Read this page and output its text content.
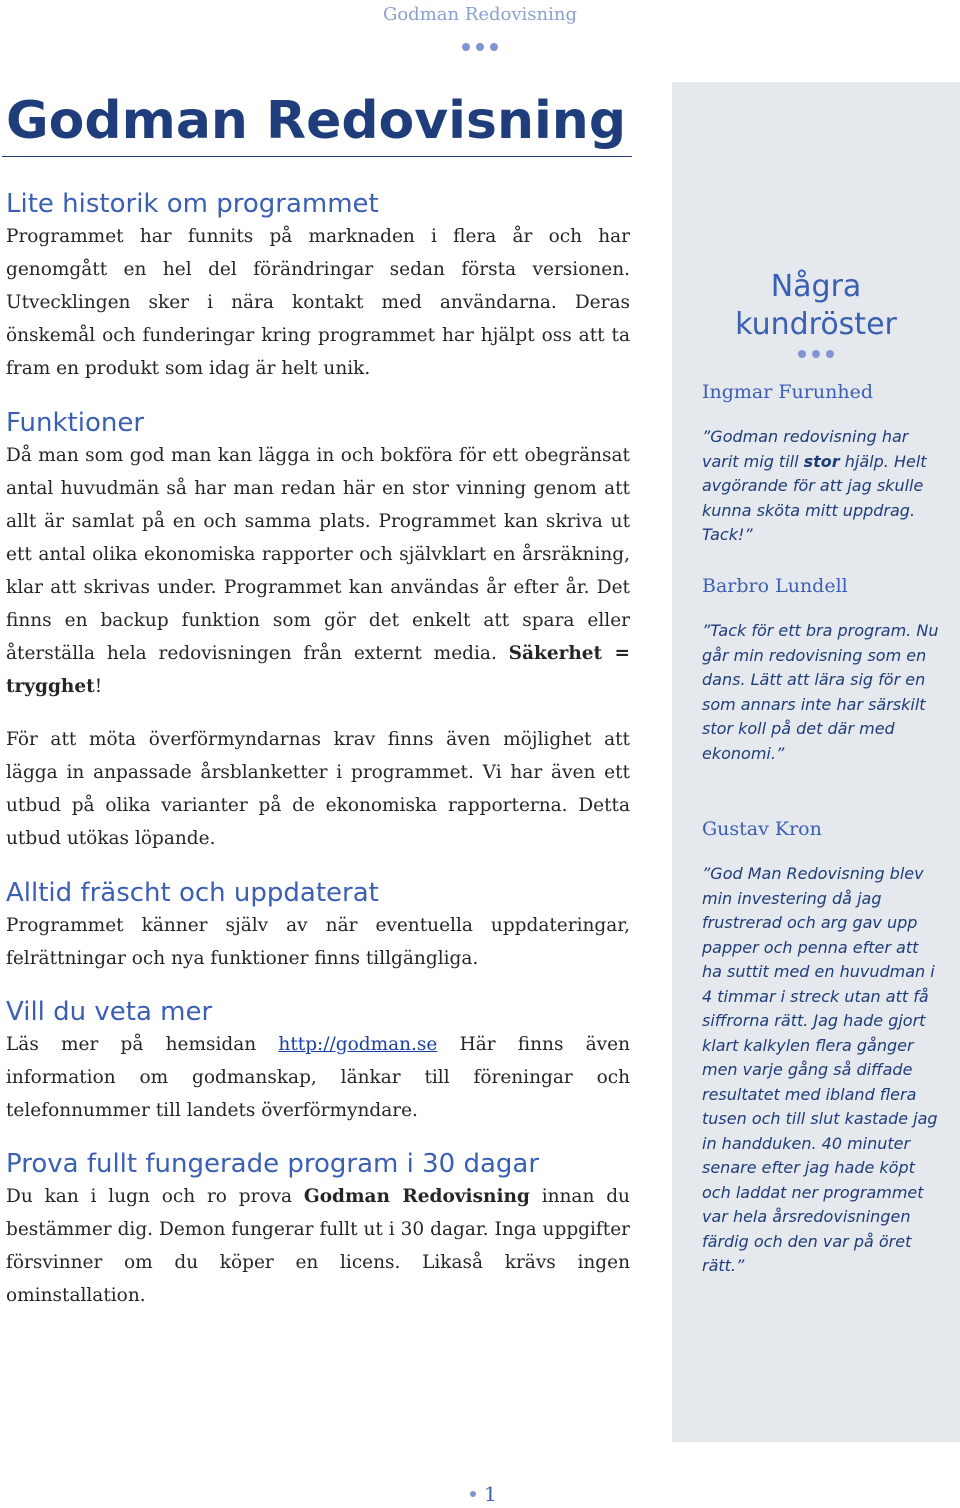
Godman Redovisning
Godman Redovisning
Lite historik om programmet

Programmet har funnits på marknaden i flera år och har genomgått en hel del förändringar sedan första versionen. Utvecklingen sker i nära kontakt med användarna. Deras önskemål och funderingar kring programmet har hjälpt oss att ta fram en produkt som idag är helt unik.

Funktioner

Då man som god man kan lägga in och bokföra för ett obegränsat antal huvudmän så har man redan här en stor vinning genom att allt är samlat på en och samma plats. Programmet kan skriva ut ett antal olika ekonomiska rapporter och självklart en årsräkning, klar att skrivas under. Programmet kan användas år efter år. Det finns en backup funktion som gör det enkelt att spara eller återställa hela redovisningen från externt media. Säkerhet = trygghet!

För att möta överförmyndarnas krav finns även möjlighet att lägga in anpassade årsblanketter i programmet. Vi har även ett utbud på olika varianter på de ekonomiska rapporterna. Detta utbud utökas löpande.

Alltid fräscht och uppdaterat

Programmet känner själv av när eventuella uppdateringar, felrättningar och nya funktioner finns tillgängliga.

Vill du veta mer

Läs mer på hemsidan http://godman.se Här finns även information om godmanskap, länkar till föreningar och telefonnummer till landets överförmyndare.

Prova fullt fungerade program i 30 dagar

Du kan i lugn och ro prova Godman Redovisning innan du bestämmer dig. Demon fungerar fullt ut i 30 dagar. Inga uppgifter försvinner om du köper en licens. Likaså krävs ingen ominstallation.

Några
kundröster
Ingmar Furunhed
”Godman redovisning har varit mig till stor hjälp. Helt avgörande för att jag skulle kunna sköta mitt uppdrag. Tack!”
Barbro Lundell
”Tack för ett bra program. Nu går min redovisning som en dans. Lätt att lära sig för en som annars inte har särskilt stor koll på det där med ekonomi.”
Gustav Kron
”God Man Redovisning blev min investering då jag frustrerad och arg gav upp papper och penna efter att ha suttit med en huvudman i 4 timmar i streck utan att få siffrorna rätt. Jag hade gjort klart kalkylen flera gånger men varje gång så diffade resultatet med ibland flera tusen och till slut kastade jag in handduken. 40 minuter senare efter jag hade köpt och laddat ner programmet var hela årsredovisningen färdig och den var på öret rätt.”
1
